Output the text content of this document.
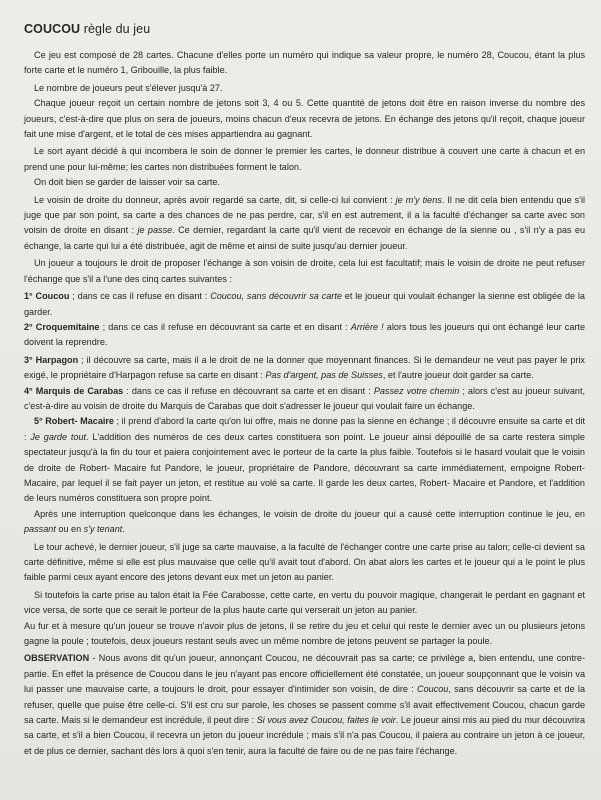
COUCOU règle du jeu

Ce jeu est composé de 28 cartes. Chacune d'elles porte un numéro qui indique sa valeur propre, le numéro 28, Coucou, étant la plus forte carte et le numéro 1, Gribouille, la plus faible.

Le nombre de joueurs peut s'élever jusqu'à 27.

Chaque joueur reçoit un certain nombre de jetons soit 3, 4 ou 5. Cette quantité de jetons doit être en raison inverse du nombre des joueurs, c'est-à-dire que plus on sera de joueurs, moins chacun d'eux recevra de jetons. En échange des jetons qu'il reçoit, chaque joueur fait une mise d'argent, et le total de ces mises appartiendra au gagnant.

Le sort ayant décidé à qui incombera le soin de donner le premier les cartes, le donneur distribue à couvert une carte à chacun et en prend une pour lui-même; les cartes non distribuées forment le talon.

On doit bien se garder de laisser voir sa carte.

Le voisin de droite du donneur, après avoir regardé sa carte, dit, si celle-ci lui convient : je m'y tiens. Il ne dit cela bien entendu que s'il juge que par son point, sa carte a des chances de ne pas perdre, car, s'il en est autrement, il a la faculté d'échanger sa carte avec son voisin de droite en disant : je passe. Ce dernier, regardant la carte qu'il vient de recevoir en échange de la sienne ou , s'il n'y a pas eu échange, la carte qui lui a été distribuée, agit de même et ainsi de suite jusqu'au dernier joueur.

Un joueur a toujours le droit de proposer l'échange à son voisin de droite, cela lui est facultatif; mais le voisin de droite ne peut refuser l'échange que s'il a l'une des cinq cartes suivantes :

1° Coucou ; dans ce cas il refuse en disant : Coucou, sans découvrir sa carte et le joueur qui voulait échanger la sienne est obligée de la garder.

2° Croquemitaine ; dans ce cas il refuse en découvrant sa carte et en disant : Arrière ! alors tous les joueurs qui ont échangé leur carte doivent la reprendre.

3° Harpagon ; il découvre sa carte, mais il a le droit de ne la donner que moyennant finances. Si le demandeur ne veut pas payer le prix exigé, le propriétaire d'Harpagon refuse sa carte en disant : Pas d'argent, pas de Suisses, et l'autre joueur doit garder sa carte.

4° Marquis de Carabas : dans ce cas il refuse en découvrant sa carte et en disant : Passez votre chemin ; alors c'est au joueur suivant, c'est-à-dire au voisin de droite du Marquis de Carabas que doit s'adresser le joueur qui voulait faire un échange.

5° Robert- Macaire ; il prend d'abord la carte qu'on lui offre, mais ne donne pas la sienne en échange ; il découvre ensuite sa carte et dit : Je garde tout. L'addition des numéros de ces deux cartes constituera son point. Le joueur ainsi dépouillé de sa carte restera simple spectateur jusqu'à la fin du tour et paiera conjointement avec le porteur de la carte la plus faible. Toutefois si le hasard voulait que le voisin de droite de Robert- Macaire fut Pandore, le joueur, propriétaire de Pandore, découvrant sa carte immédiatement, empoigne Robert- Macaire, par lequel il se fait payer un jeton, et restitue au volé sa carte. Il garde les deux cartes, Robert- Macaire et Pandore, et l'addition de leurs numéros constituera son propre point.

Après une interruption quelconque dans les échanges, le voisin de droite du joueur qui a causé cette interruption continue le jeu, en passant ou en s'y tenant.

Le tour achevé, le dernier joueur, s'il juge sa carte mauvaise, a la faculté de l'échanger contre une carte prise au talon; celle-ci devient sa carte définitive, même si elle est plus mauvaise que celle qu'il avait tout d'abord. On abat alors les cartes et le joueur qui a le point le plus faible parmi ceux ayant encore des jetons devant eux met un jeton au panier.

Si toutefois la carte prise au talon était la Fée Carabosse, cette carte, en vertu du pouvoir magique, changerait le perdant en gagnant et vice versa, de sorte que ce serait le porteur de la plus haute carte qui verserait un jeton au panier.

Au fur et à mesure qu'un joueur se trouve n'avoir plus de jetons, il se retire du jeu et celui qui reste le dernier avec un ou plusieurs jetons gagne la poule ; toutefois, deux joueurs restant seuls avec un même nombre de jetons peuvent se partager la poule.

OBSERVATION - Nous avons dit qu'un joueur, annonçant Coucou, ne découvrait pas sa carte; ce privilège a, bien entendu, une contre-partie. En effet la présence de Coucou dans le jeu n'ayant pas encore officiellement été constatée, un joueur soupçonnant que le voisin va lui passer une mauvaise carte, a toujours le droit, pour essayer d'intimider son voisin, de dire : Coucou, sans découvrir sa carte et de la refuser, quelle que puise être celle-ci. S'il est cru sur parole, les choses se passent comme s'il avait effectivement Coucou, chacun garde sa carte. Mais si le demandeur est incrédule, il peut dire : Si vous avez Coucou, faites le voir. Le joueur ainsi mis au pied du mur découvrira sa carte, et s'il a bien Coucou, il recevra un jeton du joueur incrédule ; mais s'il n'a pas Coucou, il paiera au contraire un jeton à ce joueur, et de plus ce dernier, sachant dès lors à quoi s'en tenir, aura la faculté de faire ou de ne pas faire l'échange.
